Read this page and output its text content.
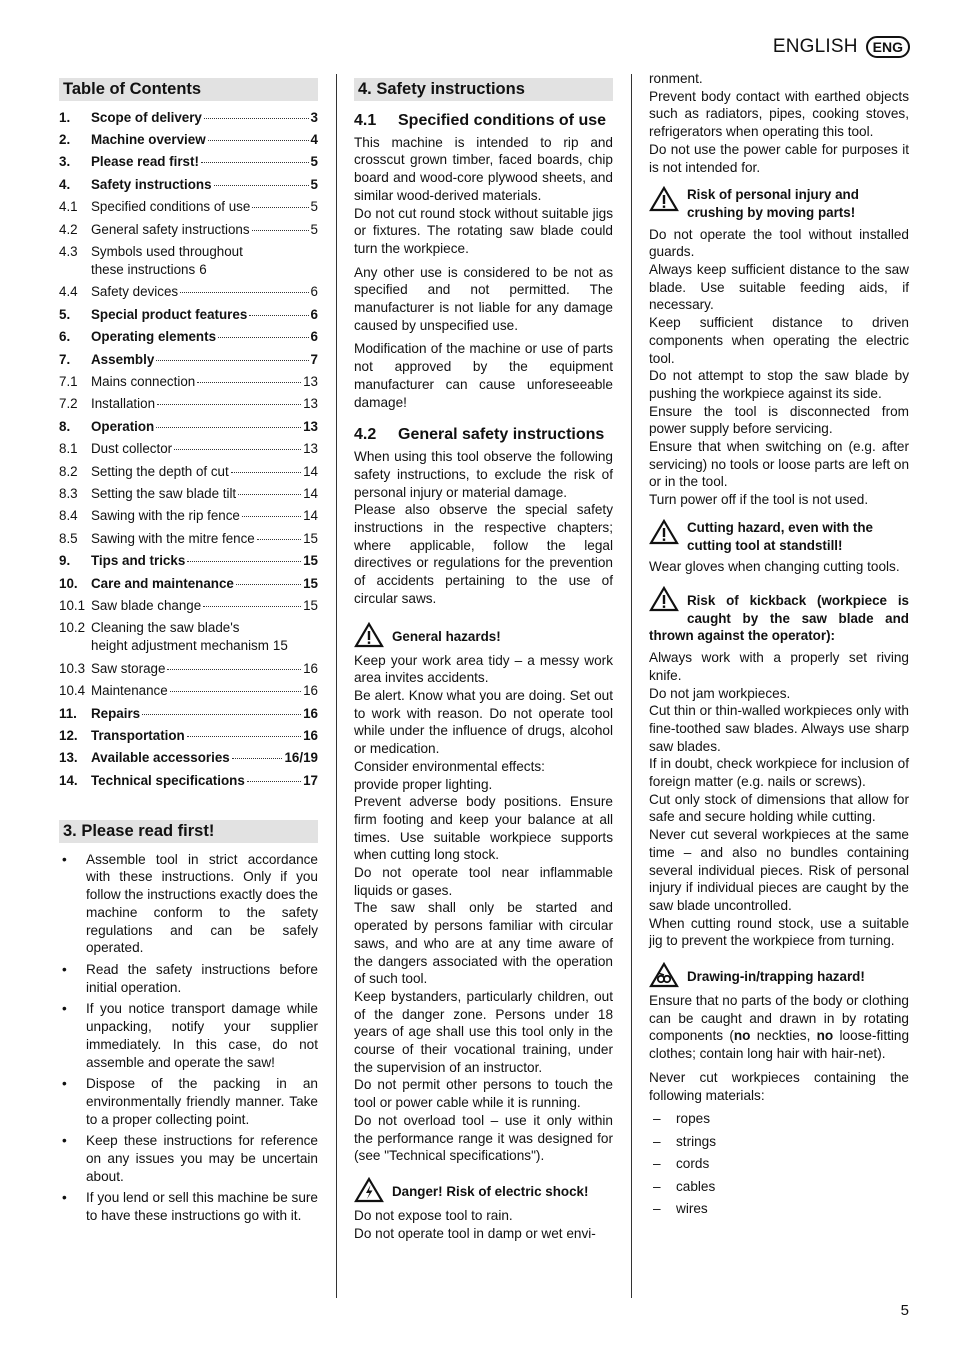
ENGLISH	ENG
Table of Contents
1.	Scope of delivery	3
2.	Machine overview	4
3.	Please read first!	5
4.	Safety instructions	5
4.1 Specified conditions of use	5
4.2 General safety instructions	5
4.3 Symbols used throughout
these instructions 6
4.4 Safety devices	6
5.	Special product features	6
6.	Operating elements	6
7.	Assembly	7
7.1 Mains connection	13
7.2 Installation	13
8.	Operation	13
8.1 Dust collector	13
8.2 Setting the depth of cut	14
8.3 Setting the saw blade tilt	14
8.4 Sawing with the rip fence	14
8.5 Sawing with the mitre fence	15
9.	Tips and tricks	15
10. Care and maintenance	15
10.1 Saw blade change	15
10.2 Cleaning the saw blade's
height adjustment mechanism 15
10.3 Saw storage	16
10.4 Maintenance	16
11.	Repairs	16
12. Transportation	16
13. Available accessories	16/19
14. Technical specifications	17
3. Please read first!
• Assemble tool in strict accordance with these instructions. Only if you follow the instructions exactly does the machine conform to the safety regulations and can be safely operated.
• Read the safety instructions before initial operation.
• If you notice transport damage while unpacking, notify your supplier immediately. In this case, do not assemble and operate the saw!
• Dispose of the packing in an environmentally friendly manner. Take to a proper collecting point.
• Keep these instructions for reference on any issues you may be uncertain about.
• If you lend or sell this machine be sure to have these instructions go with it.
4. Safety instructions
4.1	Specified conditions of use

This machine is intended to rip and crosscut grown timber, faced boards, chip board and wood-core plywood sheets, and similar wood-derived materials.
Do not cut round stock without suitable jigs or fixtures. The rotating saw blade could turn the workpiece.

Any other use is considered to be not as specified and not permitted. The manufacturer is not liable for any damage caused by unspecified use.

Modification of the machine or use of parts not approved by the equipment manufacturer can cause unforeseeable damage!

4.2	General safety instructions

When using this tool observe the following safety instructions, to exclude the risk of personal injury or material damage.
Please also observe the special safety instructions in the respective chapters; where applicable, follow the legal directives or regulations for the prevention of accidents pertaining to the use of circular saws.

General hazards!

Keep your work area tidy – a messy work area invites accidents.
Be alert. Know what you are doing. Set out to work with reason. Do not operate tool while under the influence of drugs, alcohol or medication.
Consider environmental effects:
provide proper lighting.
Prevent adverse body positions. Ensure firm footing and keep your balance at all times. Use suitable workpiece supports when cutting long stock.
Do not operate tool near inflammable liquids or gases.
The saw shall only be started and operated by persons familiar with circular saws, and who are at any time aware of the dangers associated with the operation of such tool.
Keep bystanders, particularly children, out of the danger zone. Persons under 18 years of age shall use this tool only in the course of their vocational training, under the supervision of an instructor.
Do not permit other persons to touch the tool or power cable while it is running.
Do not overload tool – use it only within the performance range it was designed for (see "Technical specifications").

Danger! Risk of electric shock!

Do not expose tool to rain.
Do not operate tool in damp or wet envi-

ronment.
Prevent body contact with earthed objects such as radiators, pipes, cooking stoves, refrigerators when operating this tool.
Do not use the power cable for purposes it is not intended for.

Risk of personal injury and crushing by moving parts!

Do not operate the tool without installed guards.
Always keep sufficient distance to the saw blade. Use suitable feeding aids, if necessary.
Keep sufficient distance to driven components when operating the electric tool.
Do not attempt to stop the saw blade by pushing the workpiece against its side.
Ensure the tool is disconnected from power supply before servicing.
Ensure that when switching on (e.g. after servicing) no tools or loose parts are left on or in the tool.
Turn power off if the tool is not used.

Cutting hazard, even with the cutting tool at standstill!

Wear gloves when changing cutting tools.

Risk of kickback (workpiece is caught by the saw blade and thrown against the operator):

Always work with a properly set riving knife.
Do not jam workpieces.
Cut thin or thin-walled workpieces only with fine-toothed saw blades. Always use sharp saw blades.
If in doubt, check workpiece for inclusion of foreign matter (e.g. nails or screws).
Cut only stock of dimensions that allow for safe and secure holding while cutting.
Never cut several workpieces at the same time – and also no bundles containing several individual pieces. Risk of personal injury if individual pieces are caught by the saw blade uncontrolled.
When cutting round stock, use a suitable jig to prevent the workpiece from turning.

Drawing-in/trapping hazard!

Ensure that no parts of the body or clothing can be caught and drawn in by rotating components (no neckties, no loose-fitting clothes; contain long hair with hair-net).

Never cut workpieces containing the following materials:

– ropes
– strings
– cords
– cables
– wires
5
